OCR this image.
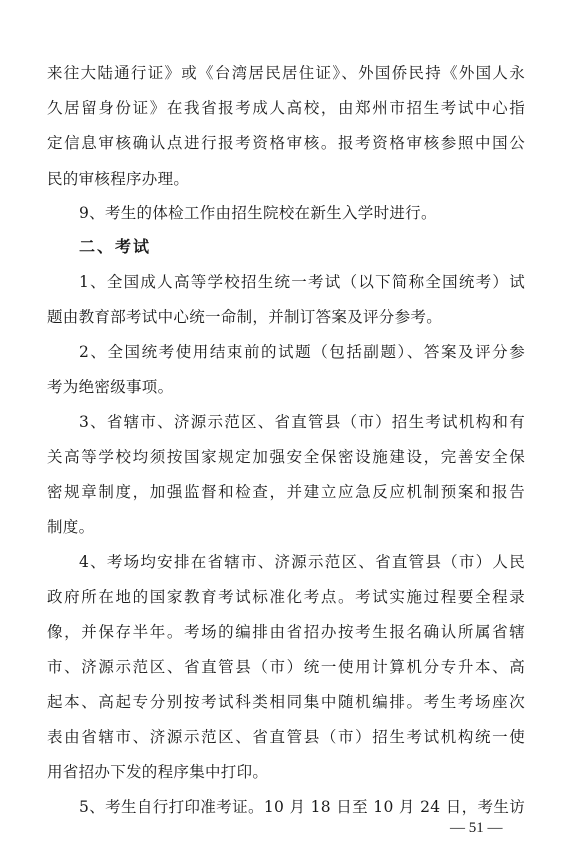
来往大陆通行证》或《台湾居民居住证》、外国侨民持《外国人永
久居留身份证》在我省报考成人高校，由郑州市招生考试中心指
定信息审核确认点进行报考资格审核。报考资格审核参照中国公
民的审核程序办理。
9、考生的体检工作由招生院校在新生入学时进行。
二、考试
1、全国成人高等学校招生统一考试（以下简称全国统考）试
题由教育部考试中心统一命制，并制订答案及评分参考。
2、全国统考使用结束前的试题（包括副题）、答案及评分参
考为绝密级事项。
3、省辖市、济源示范区、省直管县（市）招生考试机构和有
关高等学校均须按国家规定加强安全保密设施建设，完善安全保
密规章制度，加强监督和检查，并建立应急反应机制预案和报告
制度。
4、考场均安排在省辖市、济源示范区、省直管县（市）人民
政府所在地的国家教育考试标准化考点。考试实施过程要全程录
像，并保存半年。考场的编排由省招办按考生报名确认所属省辖
市、济源示范区、省直管县（市）统一使用计算机分专升本、高
起本、高起专分别按考试科类相同集中随机编排。考生考场座次
表由省辖市、济源示范区、省直管县（市）招生考试机构统一使
用省招办下发的程序集中打印。
5、考生自行打印准考证。10 月 18 日至 10 月 24 日，考生访
— 51 —
